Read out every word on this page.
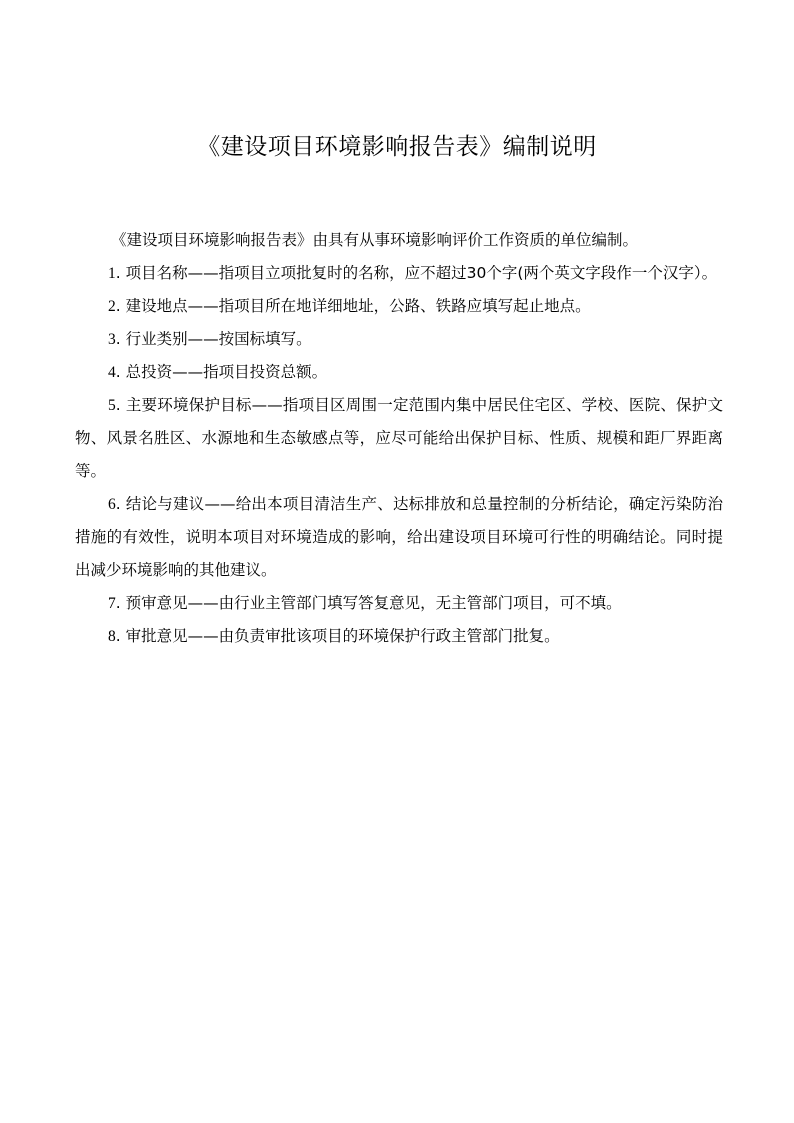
《建设项目环境影响报告表》编制说明

《建设项目环境影响报告表》由具有从事环境影响评价工作资质的单位编制。

1. 项目名称——指项目立项批复时的名称，应不超过30个字(两个英文字段作一个汉字）。

2. 建设地点——指项目所在地详细地址，公路、铁路应填写起止地点。

3. 行业类别——按国标填写。

4. 总投资——指项目投资总额。

5. 主要环境保护目标——指项目区周围一定范围内集中居民住宅区、学校、医院、保护文物、风景名胜区、水源地和生态敏感点等，应尽可能给出保护目标、性质、规模和距厂界距离等。

6. 结论与建议——给出本项目清洁生产、达标排放和总量控制的分析结论，确定污染防治措施的有效性，说明本项目对环境造成的影响，给出建设项目环境可行性的明确结论。同时提出减少环境影响的其他建议。

7. 预审意见——由行业主管部门填写答复意见，无主管部门项目，可不填。

8. 审批意见——由负责审批该项目的环境保护行政主管部门批复。
